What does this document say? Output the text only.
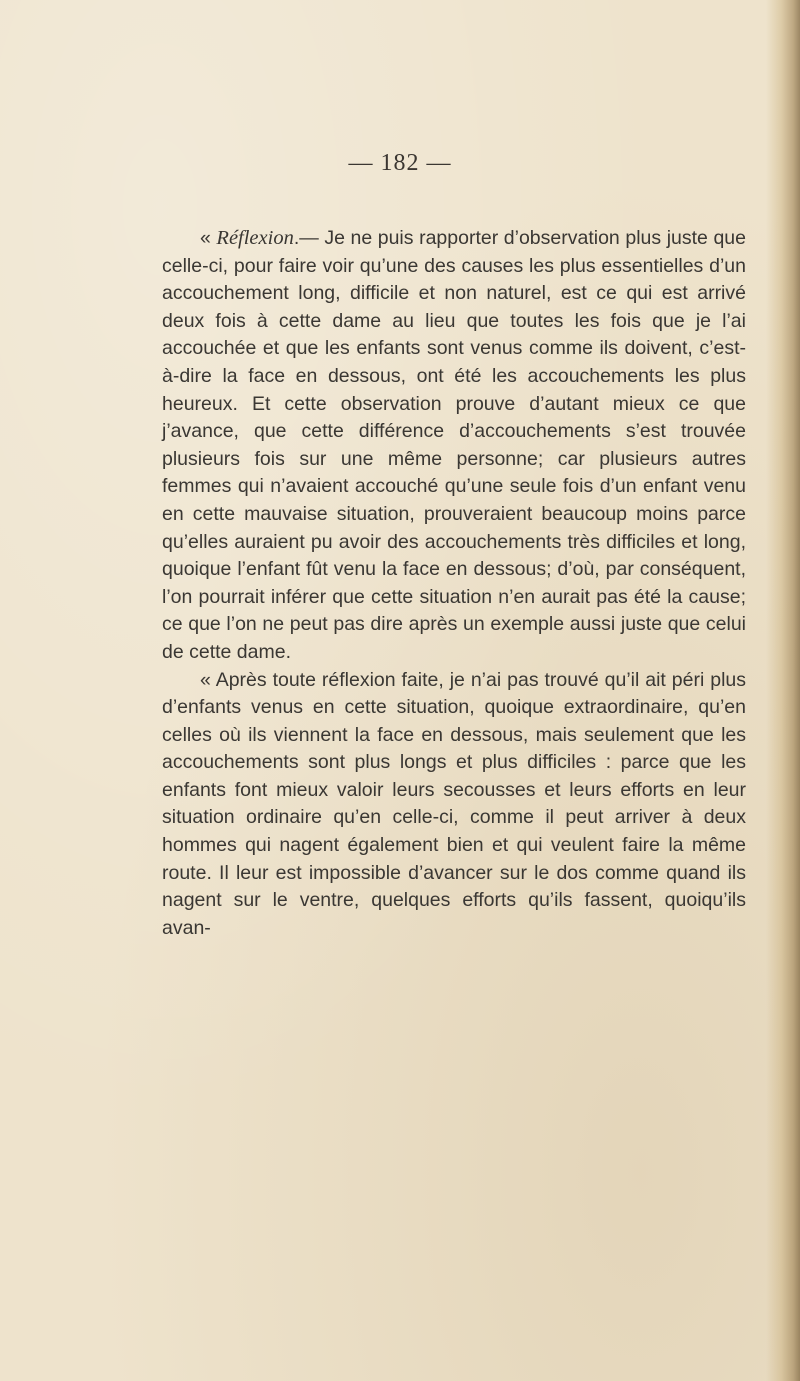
— 182 —

« Réflexion.— Je ne puis rapporter d’observation plus juste que celle-ci, pour faire voir qu’une des causes les plus essentielles d’un accouchement long, difficile et non naturel, est ce qui est arrivé deux fois à cette dame au lieu que toutes les fois que je l’ai accouchée et que les enfants sont venus comme ils doivent, c’est-à-dire la face en dessous, ont été les accouchements les plus heureux. Et cette observation prouve d’autant mieux ce que j’avance, que cette différence d’accouchements s’est trouvée plusieurs fois sur une même personne; car plusieurs autres femmes qui n’avaient accouché qu’une seule fois d’un enfant venu en cette mauvaise situation, prouveraient beaucoup moins parce qu’elles auraient pu avoir des accouchements très difficiles et long, quoique l’enfant fût venu la face en dessous; d’où, par conséquent, l’on pourrait inférer que cette situation n’en aurait pas été la cause; ce que l’on ne peut pas dire après un exemple aussi juste que celui de cette dame.

« Après toute réflexion faite, je n’ai pas trouvé qu’il ait péri plus d’enfants venus en cette situation, quoique extraordinaire, qu’en celles où ils viennent la face en dessous, mais seulement que les accouchements sont plus longs et plus difficiles : parce que les enfants font mieux valoir leurs secousses et leurs efforts en leur situation ordinaire qu’en celle-ci, comme il peut arriver à deux hommes qui nagent également bien et qui veulent faire la même route. Il leur est impossible d’avancer sur le dos comme quand ils nagent sur le ventre, quelques efforts qu’ils fassent, quoiqu’ils avan-
